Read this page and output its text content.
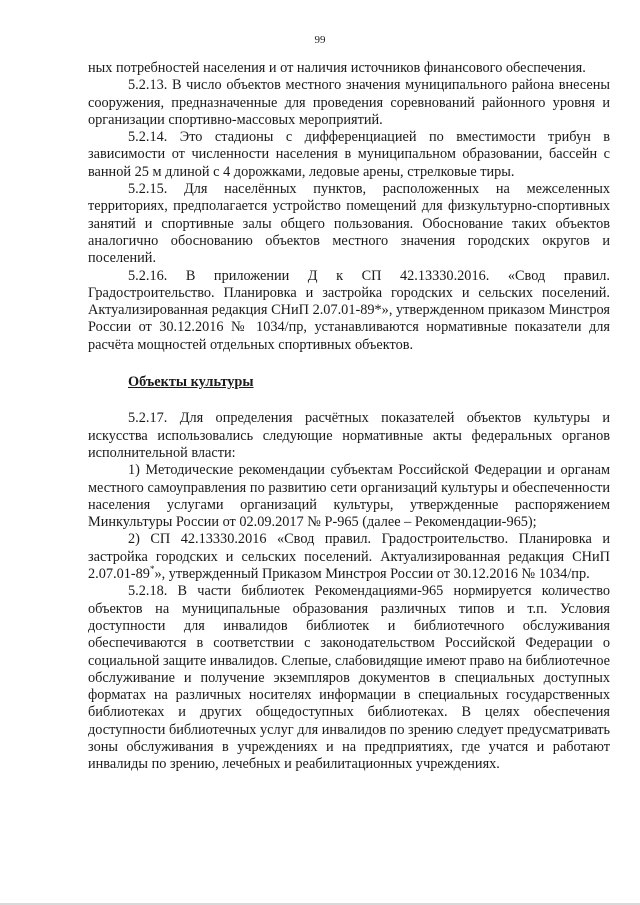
99

ных потребностей населения и от наличия источников финансового обеспечения.

5.2.13. В число объектов местного значения муниципального района внесены сооружения, предназначенные для проведения соревнований районного уровня и организации спортивно-массовых мероприятий.

5.2.14. Это стадионы с дифференциацией по вместимости трибун в зависимости от численности населения в муниципальном образовании, бассейн с ванной 25 м длиной с 4 дорожками, ледовые арены, стрелковые тиры.

5.2.15. Для населённых пунктов, расположенных на межселенных территориях, предполагается устройство помещений для физкультурно-спортивных занятий и спортивные залы общего пользования. Обоснование таких объектов аналогично обоснованию объектов местного значения городских округов и поселений.

5.2.16. В приложении Д к СП 42.13330.2016. «Свод правил. Градостроительство. Планировка и застройка городских и сельских поселений. Актуализированная редакция СНиП 2.07.01-89*», утвержденном приказом Минстроя России от 30.12.2016 № 1034/пр, устанавливаются нормативные показатели для расчёта мощностей отдельных спортивных объектов.

Объекты культуры

5.2.17. Для определения расчётных показателей объектов культуры и искусства использовались следующие нормативные акты федеральных органов исполнительной власти:

1) Методические рекомендации субъектам Российской Федерации и органам местного самоуправления по развитию сети организаций культуры и обеспеченности населения услугами организаций культуры, утвержденные распоряжением Минкультуры России от 02.09.2017 № Р-965 (далее – Рекомендации-965);

2) СП 42.13330.2016 «Свод правил. Градостроительство. Планировка и застройка городских и сельских поселений. Актуализированная редакция СНиП 2.07.01-89*», утвержденный Приказом Минстроя России от 30.12.2016 № 1034/пр.

5.2.18. В части библиотек Рекомендациями-965 нормируется количество объектов на муниципальные образования различных типов и т.п. Условия доступности для инвалидов библиотек и библиотечного обслуживания обеспечиваются в соответствии с законодательством Российской Федерации о социальной защите инвалидов. Слепые, слабовидящие имеют право на библиотечное обслуживание и получение экземпляров документов в специальных доступных форматах на различных носителях информации в специальных государственных библиотеках и других общедоступных библиотеках. В целях обеспечения доступности библиотечных услуг для инвалидов по зрению следует предусматривать зоны обслуживания в учреждениях и на предприятиях, где учатся и работают инвалиды по зрению, лечебных и реабилитационных учреждениях.
